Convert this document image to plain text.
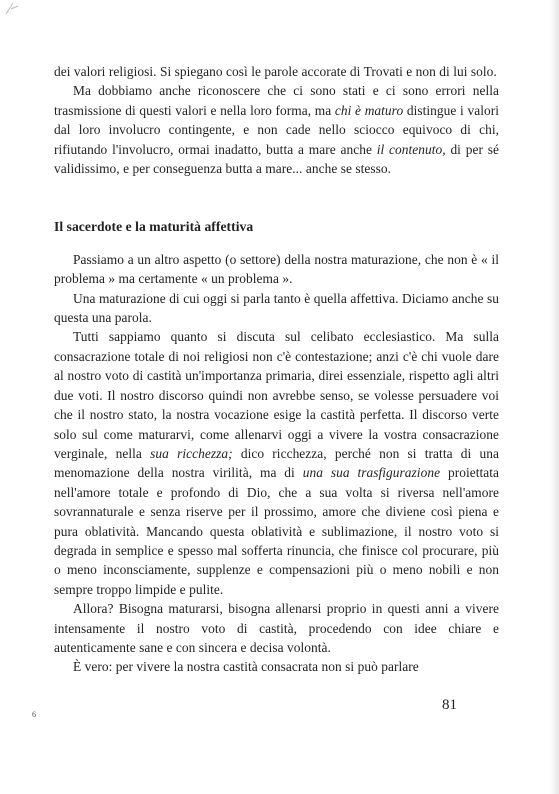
dei valori religiosi. Si spiegano così le parole accorate di Trovati e non di lui solo.

Ma dobbiamo anche riconoscere che ci sono stati e ci sono errori nella trasmissione di questi valori e nella loro forma, ma chi è maturo distingue i valori dal loro involucro contingente, e non cade nello sciocco equivoco di chi, rifiutando l'involucro, ormai inadatto, butta a mare anche il contenuto, di per sé validissimo, e per conseguenza butta a mare... anche se stesso.

Il sacerdote e la maturità affettiva

Passiamo a un altro aspetto (o settore) della nostra maturazione, che non è « il problema » ma certamente « un problema ».

Una maturazione di cui oggi si parla tanto è quella affettiva. Diciamo anche su questa una parola.

Tutti sappiamo quanto si discuta sul celibato ecclesiastico. Ma sulla consacrazione totale di noi religiosi non c'è contestazione; anzi c'è chi vuole dare al nostro voto di castità un'importanza primaria, direi essenziale, rispetto agli altri due voti. Il nostro discorso quindi non avrebbe senso, se volesse persuadere voi che il nostro stato, la nostra vocazione esige la castità perfetta. Il discorso verte solo sul come maturarvi, come allenarvi oggi a vivere la vostra consacrazione verginale, nella sua ricchezza; dico ricchezza, perché non si tratta di una menomazione della nostra virilità, ma di una sua trasfigurazione proiettata nell'amore totale e profondo di Dio, che a sua volta si riversa nell'amore sovrannaturale e senza riserve per il prossimo, amore che diviene così piena e pura oblatività. Mancando questa oblatività e sublimazione, il nostro voto si degrada in semplice e spesso mal sofferta rinuncia, che finisce col procurare, più o meno inconsciamente, supplenze e compensazioni più o meno nobili e non sempre troppo limpide e pulite.

Allora? Bisogna maturarsi, bisogna allenarsi proprio in questi anni a vivere intensamente il nostro voto di castità, procedendo con idee chiare e autenticamente sane e con sincera e decisa volontà.

È vero: per vivere la nostra castità consacrata non si può parlare

6
81
